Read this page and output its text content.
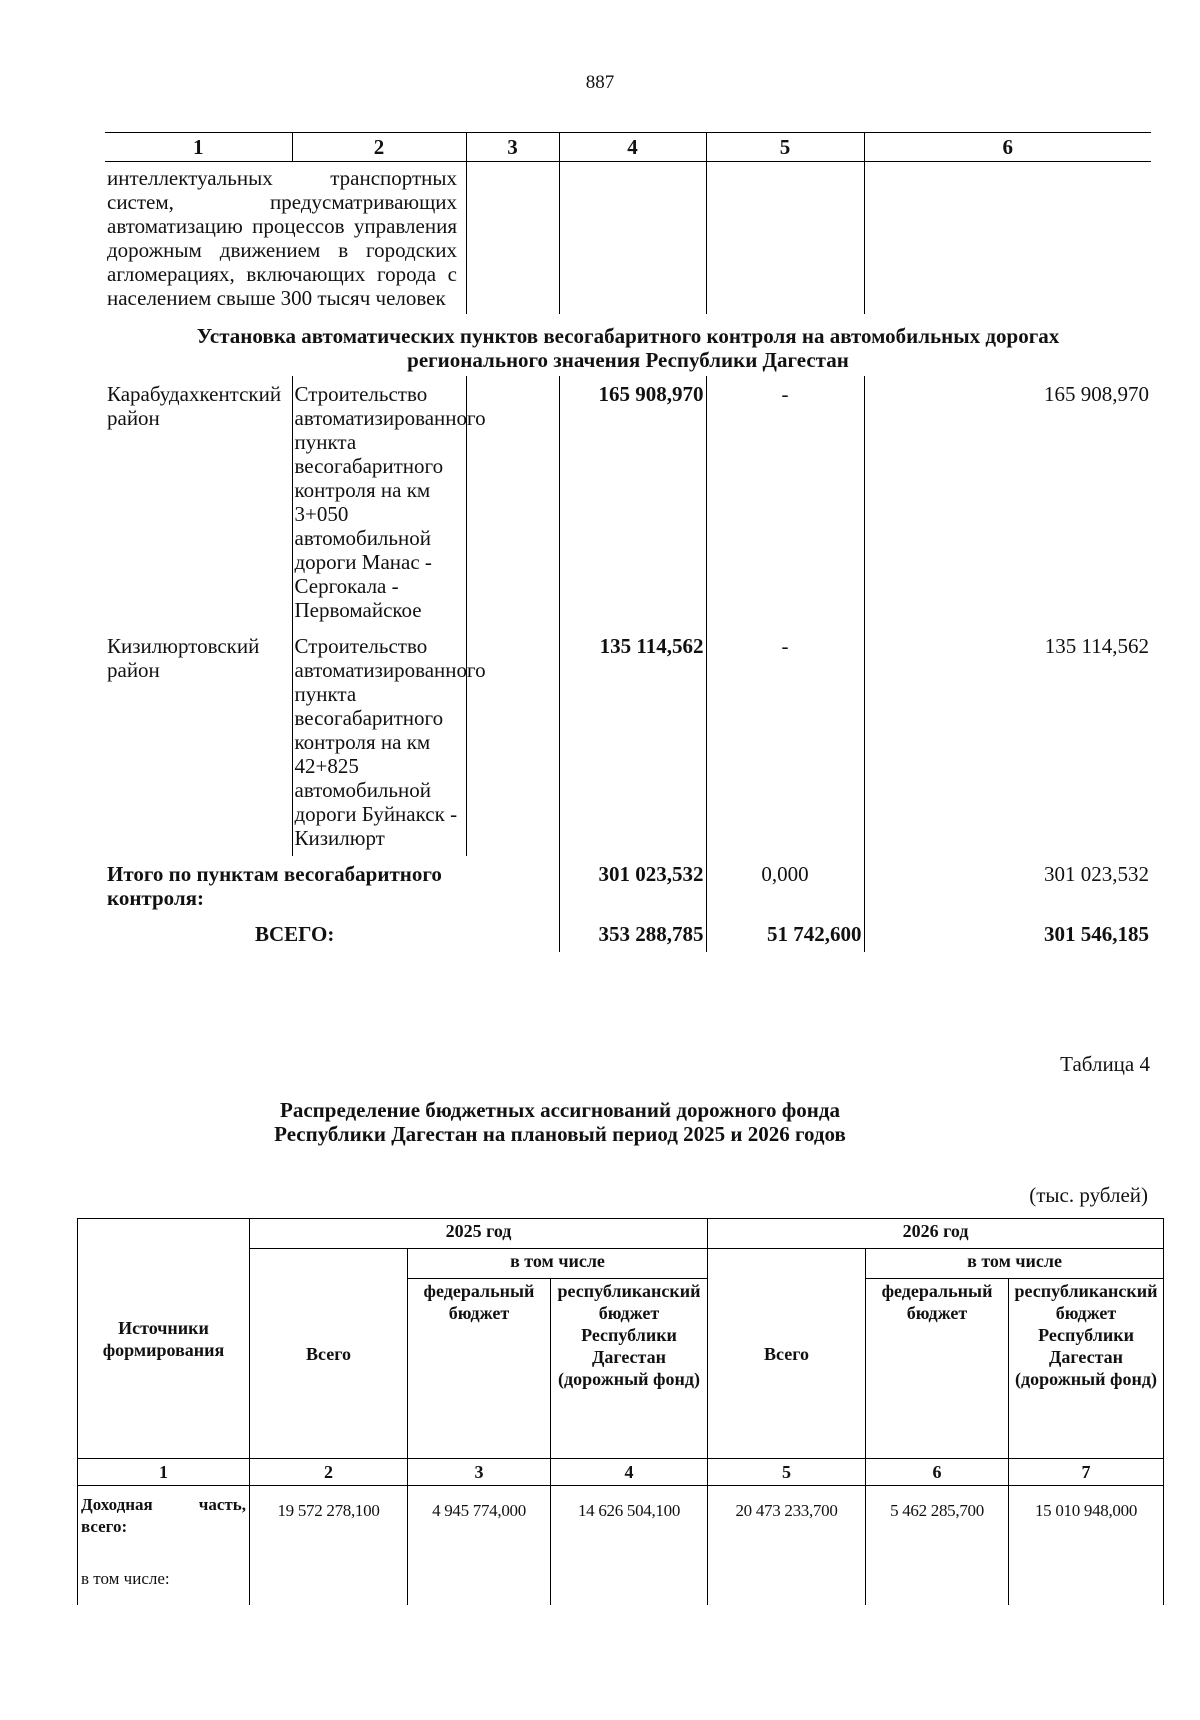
887
1	2	3	4	5	6

интеллектуальных транспортных систем, предусматривающих автоматизацию процессов управления дорожным движением в городских агломерациях, включающих города с населением свыше 300 тысяч человек					

Установка автоматических пунктов весогабаритного контроля на автомобильных дорогах регионального значения Республики Дагестан					

Карабудахкентский район	Строительство автоматизированного пункта весогабаритного контроля на км 3+050 автомобильной дороги Манас - Сергокала - Первомайское		165 908,970	-	165 908,970
Кизилюртовский район	Строительство автоматизированного пункта весогабаритного контроля на км 42+825 автомобильной дороги Буйнакск - Кизилюрт		135 114,562	-	135 114,562
Итого по пунктам весогабаритного контроля:			301 023,532	0,000	301 023,532
ВСЕГО:			353 288,785	51 742,600	301 546,185
Таблица 4
Распределение бюджетных ассигнований дорожного фонда
Республики Дагестан на плановый период 2025 и 2026 годов
(тыс. рублей)
Источники формирования	2025 год			2026 год		
	Всего	в том числе		Всего	в том числе	
		федеральный бюджет	республиканский бюджет Республики Дагестан (дорожный фонд)		федеральный бюджет	республиканский бюджет Республики Дагестан (дорожный фонд)
1	2	3	4	5	6	7
Доходная часть, всего:	19 572 278,100	4 945 774,000	14 626 504,100	20 473 233,700	5 462 285,700	15 010 948,000
в том числе:						
